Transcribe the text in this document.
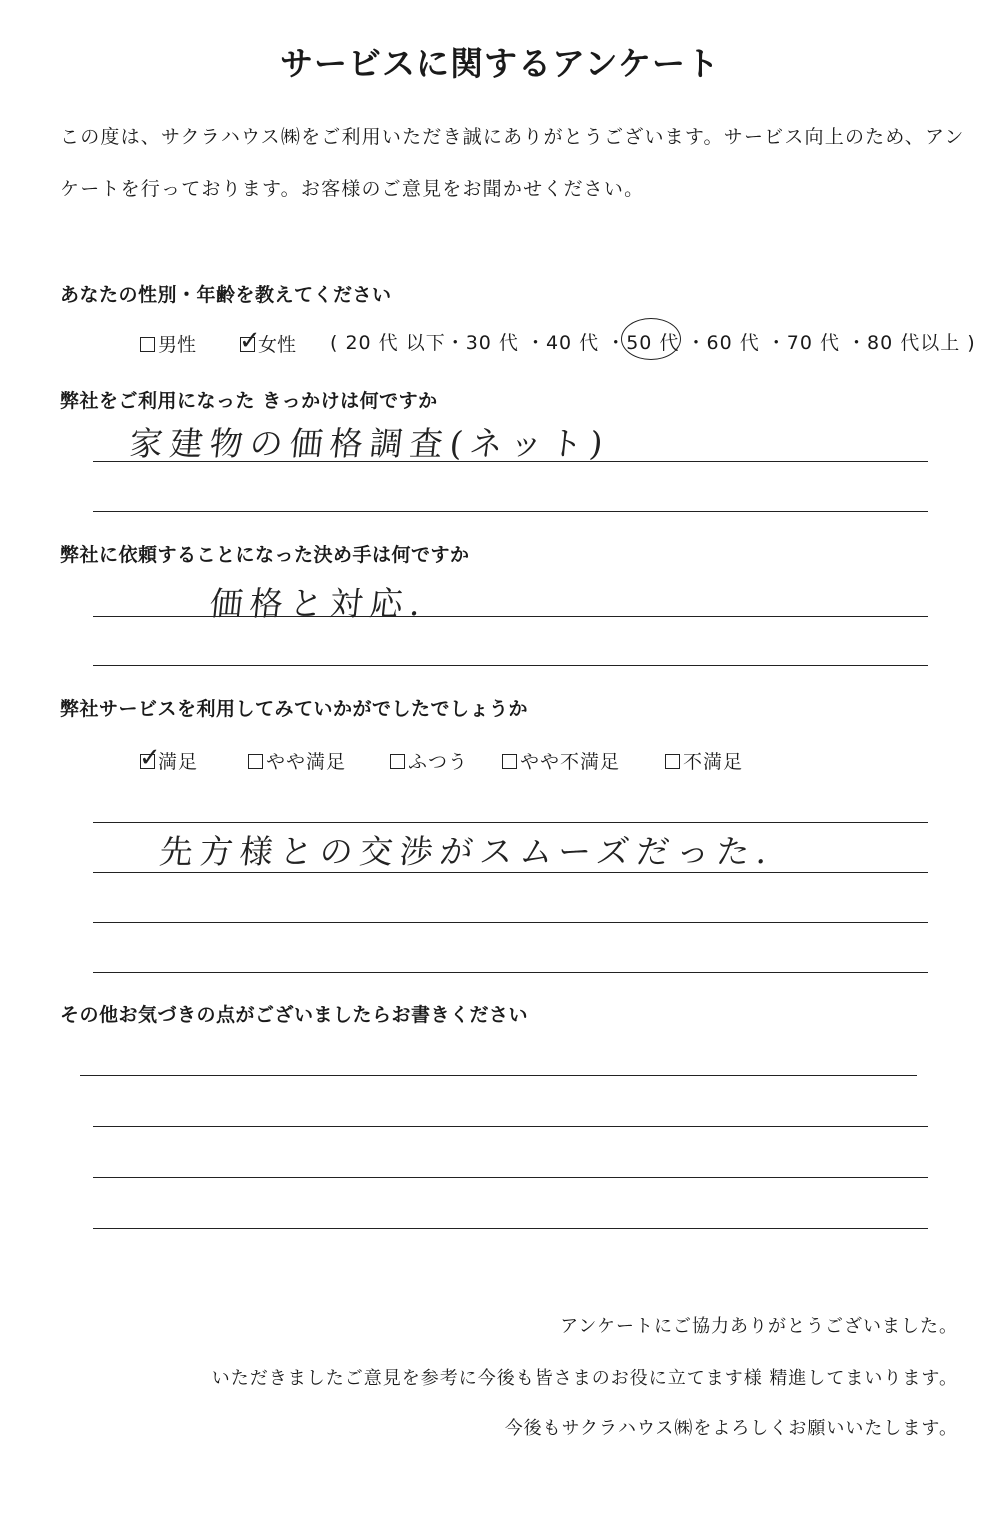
サービスに関するアンケート
この度は、サクラハウス㈱をご利用いただき誠にありがとうございます。サービス向上のため、アン
ケートを行っております。お客様のご意見をお聞かせください。
あなたの性別・年齢を教えてください
男性 ✓
女性 ( 20 代 以下・30 代 ・40 代 ・50 代 ・60 代 ・70 代 ・80 代以上 )
弊社をご利用になった きっかけは何ですか
家建物の価格調査(ネット)
弊社に依頼することになった決め手は何ですか
価格と対応.
弊社サービスを利用してみていかがでしたでしょうか
✓
満足	やや満足	ふつう	やや不満足	不満足
先方様との交渉がスムーズだった.
その他お気づきの点がございましたらお書きください
アンケートにご協力ありがとうございました。
いただきましたご意見を参考に今後も皆さまのお役に立てます様 精進してまいります。
今後もサクラハウス㈱をよろしくお願いいたします。
